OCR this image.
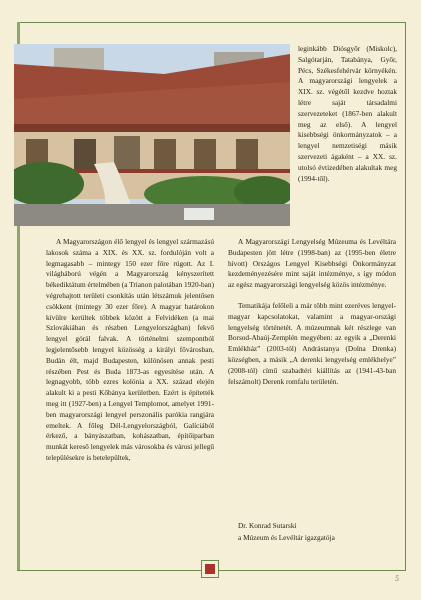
leginkább Diósgyőr (Miskolc), Salgótarján, Tatabánya, Győr, Pécs, Székesfehérvár környékén. A magyarországi lengyelek a XIX. sz. végétől kezdve hoztak létre saját társadalmi szervezeteket (1867-ben alakult meg az első). A lengyel kisebbségi önkormányzatok – a lengyel nemzetiségi másik szervezeti ágaként – a XX. sz. utolsó évtizedében alakultak meg (1994-től).

A Magyarországon élő lengyel és lengyel származású lakosok száma a XIX. és XX. sz. fordulóján volt a legmagasabb – mintegy 150 ezer főre rúgott. Az I. világháború végén a Magyarország kényszerített békediktátum értelmében (a Trianon palotában 1920-ban) végrehajtott területi csonkítás után létszámuk jelentősen csökkent (mintegy 30 ezer főre). A magyar határokon kívülre kerültek többek között a Felvidéken (a mai Szlovákiában és részben Lengyelországban) fekvő lengyel górál falvak. A történelmi szempontból legjelentősebb lengyel közösség a királyi fővárosban, Budán élt, majd Budapesten, különösen annak pesti részében Pest és Buda 1873-as egyesítése után. A legnagyobb, több ezres kolónia a XX. század elején alakult ki a pesti Kőbánya kerületben. Ezért is építették meg itt (1927-ben) a Lengyel Templomot, amelyet 1991-ben magyarországi lengyel perszonális parókia rangjára emeltek. A főleg Dél-Lengyelországból, Galíciából érkező, a bányászatban, kohászatban, építőiparban munkát kereső lengyelek más városokba és városi jellegű településekre is betelepültek,

A Magyarországi Lengyelség Múzeuma és Levéltára Budapesten jött létre (1998-ban) az (1995-ben életre hívott) Országos Lengyel Kisebbségi Önkormányzat kezdeményezésére mint saját intézménye, s így módon az egész magyarországi lengyelség közös intézménye.

Tematikája felőleli a már több mint ezeréves lengyel-magyar kapcsolatokat, valamint a magyar-országi lengyelség történetét. A múzeumnak két részlege van Borsod-Abaúj-Zemplén megyében: az egyik a „Derenki Emlékház” (2003-tól) Andrástanya (Dolna Drenka) községben, a másik „A derenki lengyelség emlékhelye” (2008-tól) című szabadtéri kiállítás az (1941-43-ban felszámolt) Derenk romfalu területén.

Dr. Konrad Sutarski
a Múzeum és Levéltár igazgatója
5
